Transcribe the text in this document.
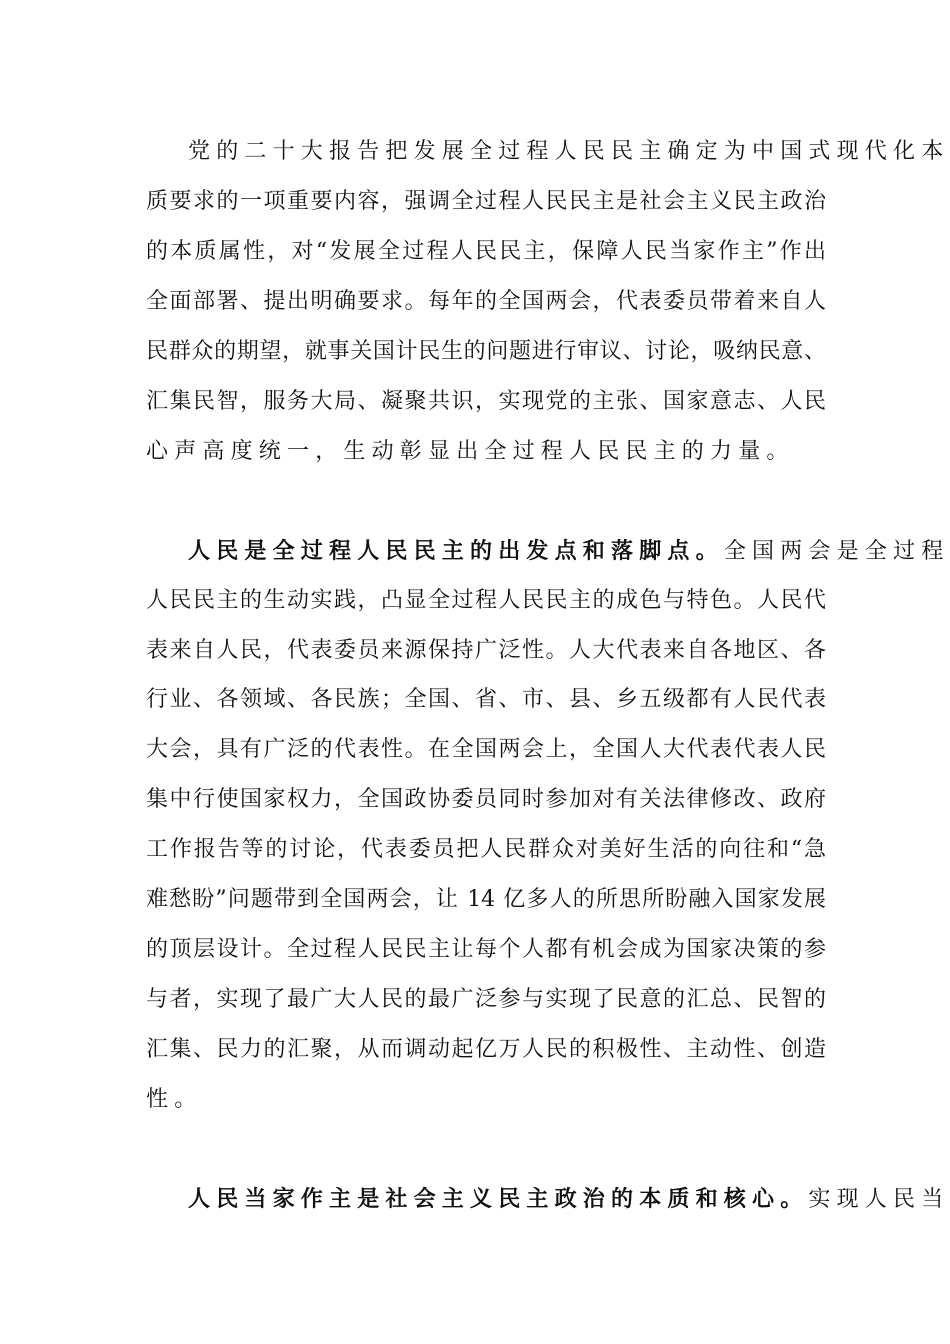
党的二十大报告把发展全过程人民民主确定为中国式现代化本
质要求的一项重要内容，强调全过程人民民主是社会主义民主政治
的本质属性，对“发展全过程人民民主，保障人民当家作主”作出
全面部署、提出明确要求。每年的全国两会，代表委员带着来自人
民群众的期望，就事关国计民生的问题进行审议、讨论，吸纳民意、
汇集民智，服务大局、凝聚共识，实现党的主张、国家意志、人民
心声高度统一，生动彰显出全过程人民民主的力量。
人民是全过程人民民主的出发点和落脚点。全国两会是全过程
人民民主的生动实践，凸显全过程人民民主的成色与特色。人民代
表来自人民，代表委员来源保持广泛性。人大代表来自各地区、各
行业、各领域、各民族；全国、省、市、县、乡五级都有人民代表
大会，具有广泛的代表性。在全国两会上，全国人大代表代表人民
集中行使国家权力，全国政协委员同时参加对有关法律修改、政府
工作报告等的讨论，代表委员把人民群众对美好生活的向往和“急
难愁盼”问题带到全国两会，让 14 亿多人的所思所盼融入国家发展
的顶层设计。全过程人民民主让每个人都有机会成为国家决策的参
与者，实现了最广大人民的最广泛参与实现了民意的汇总、民智的
汇集、民力的汇聚，从而调动起亿万人民的积极性、主动性、创造
性。
人民当家作主是社会主义民主政治的本质和核心。实现人民当
